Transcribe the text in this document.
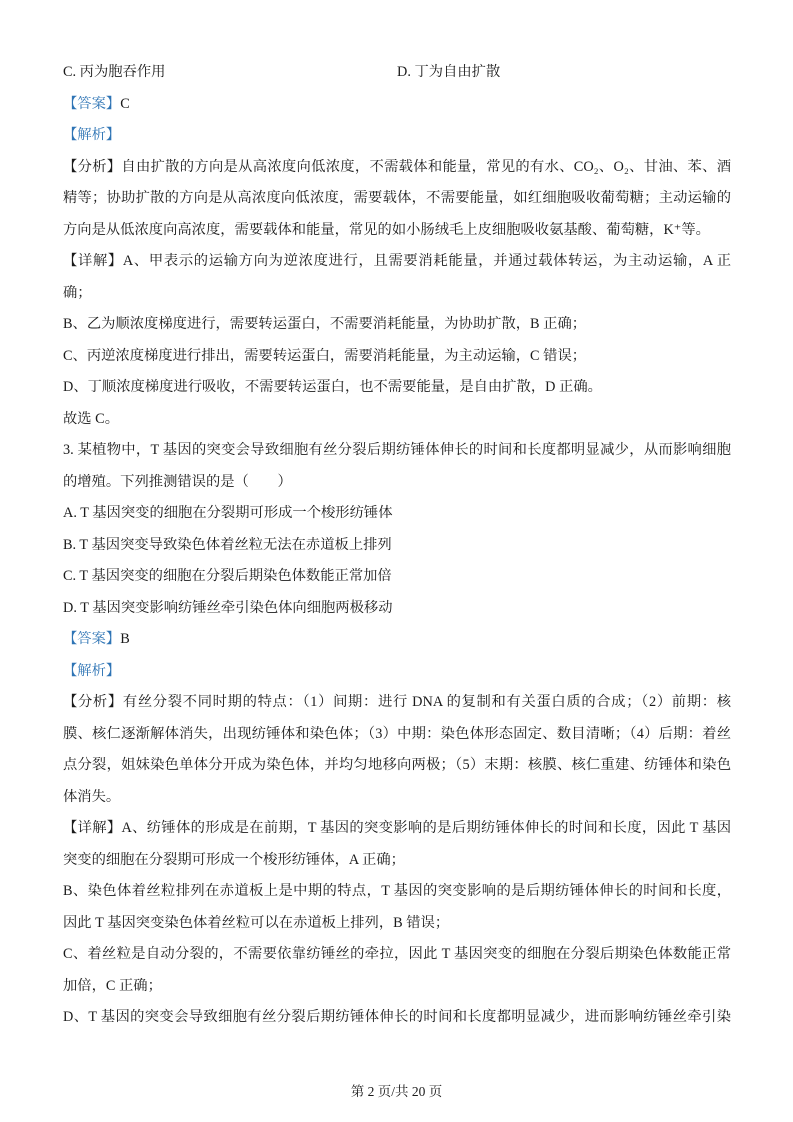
C. 丙为胞吞作用	D. 丁为自由扩散
【答案】C
【解析】
【分析】自由扩散的方向是从高浓度向低浓度，不需载体和能量，常见的有水、CO₂、O₂、甘油、苯、酒
精等；协助扩散的方向是从高浓度向低浓度，需要载体，不需要能量，如红细胞吸收葡萄糖；主动运输的
方向是从低浓度向高浓度，需要载体和能量，常见的如小肠绒毛上皮细胞吸收氨基酸、葡萄糖，K⁺等。
【详解】A、甲表示的运输方向为逆浓度进行，且需要消耗能量，并通过载体转运，为主动运输，A 正
确；
B、乙为顺浓度梯度进行，需要转运蛋白，不需要消耗能量，为协助扩散，B 正确；
C、丙逆浓度梯度进行排出，需要转运蛋白，需要消耗能量，为主动运输，C 错误；
D、丁顺浓度梯度进行吸收，不需要转运蛋白，也不需要能量，是自由扩散，D 正确。
故选 C。
3. 某植物中，T 基因的突变会导致细胞有丝分裂后期纺锤体伸长的时间和长度都明显减少，从而影响细胞
的增殖。下列推测错误的是（　　）
A. T 基因突变的细胞在分裂期可形成一个梭形纺锤体
B. T 基因突变导致染色体着丝粒无法在赤道板上排列
C. T 基因突变的细胞在分裂后期染色体数能正常加倍
D. T 基因突变影响纺锤丝牵引染色体向细胞两极移动
【答案】B
【解析】
【分析】有丝分裂不同时期的特点：（1）间期：进行 DNA 的复制和有关蛋白质的合成；（2）前期：核
膜、核仁逐渐解体消失，出现纺锤体和染色体；（3）中期：染色体形态固定、数目清晰；（4）后期：着丝
点分裂，姐妹染色单体分开成为染色体，并均匀地移向两极；（5）末期：核膜、核仁重建、纺锤体和染色
体消失。
【详解】A、纺锤体的形成是在前期，T 基因的突变影响的是后期纺锤体伸长的时间和长度，因此 T 基因
突变的细胞在分裂期可形成一个梭形纺锤体，A 正确；
B、染色体着丝粒排列在赤道板上是中期的特点，T 基因的突变影响的是后期纺锤体伸长的时间和长度，
因此 T 基因突变染色体着丝粒可以在赤道板上排列，B 错误；
C、着丝粒是自动分裂的，不需要依靠纺锤丝的牵拉，因此 T 基因突变的细胞在分裂后期染色体数能正常
加倍，C 正确；
D、T 基因的突变会导致细胞有丝分裂后期纺锤体伸长的时间和长度都明显减少，进而影响纺锤丝牵引染
第 2 页/共 20 页
